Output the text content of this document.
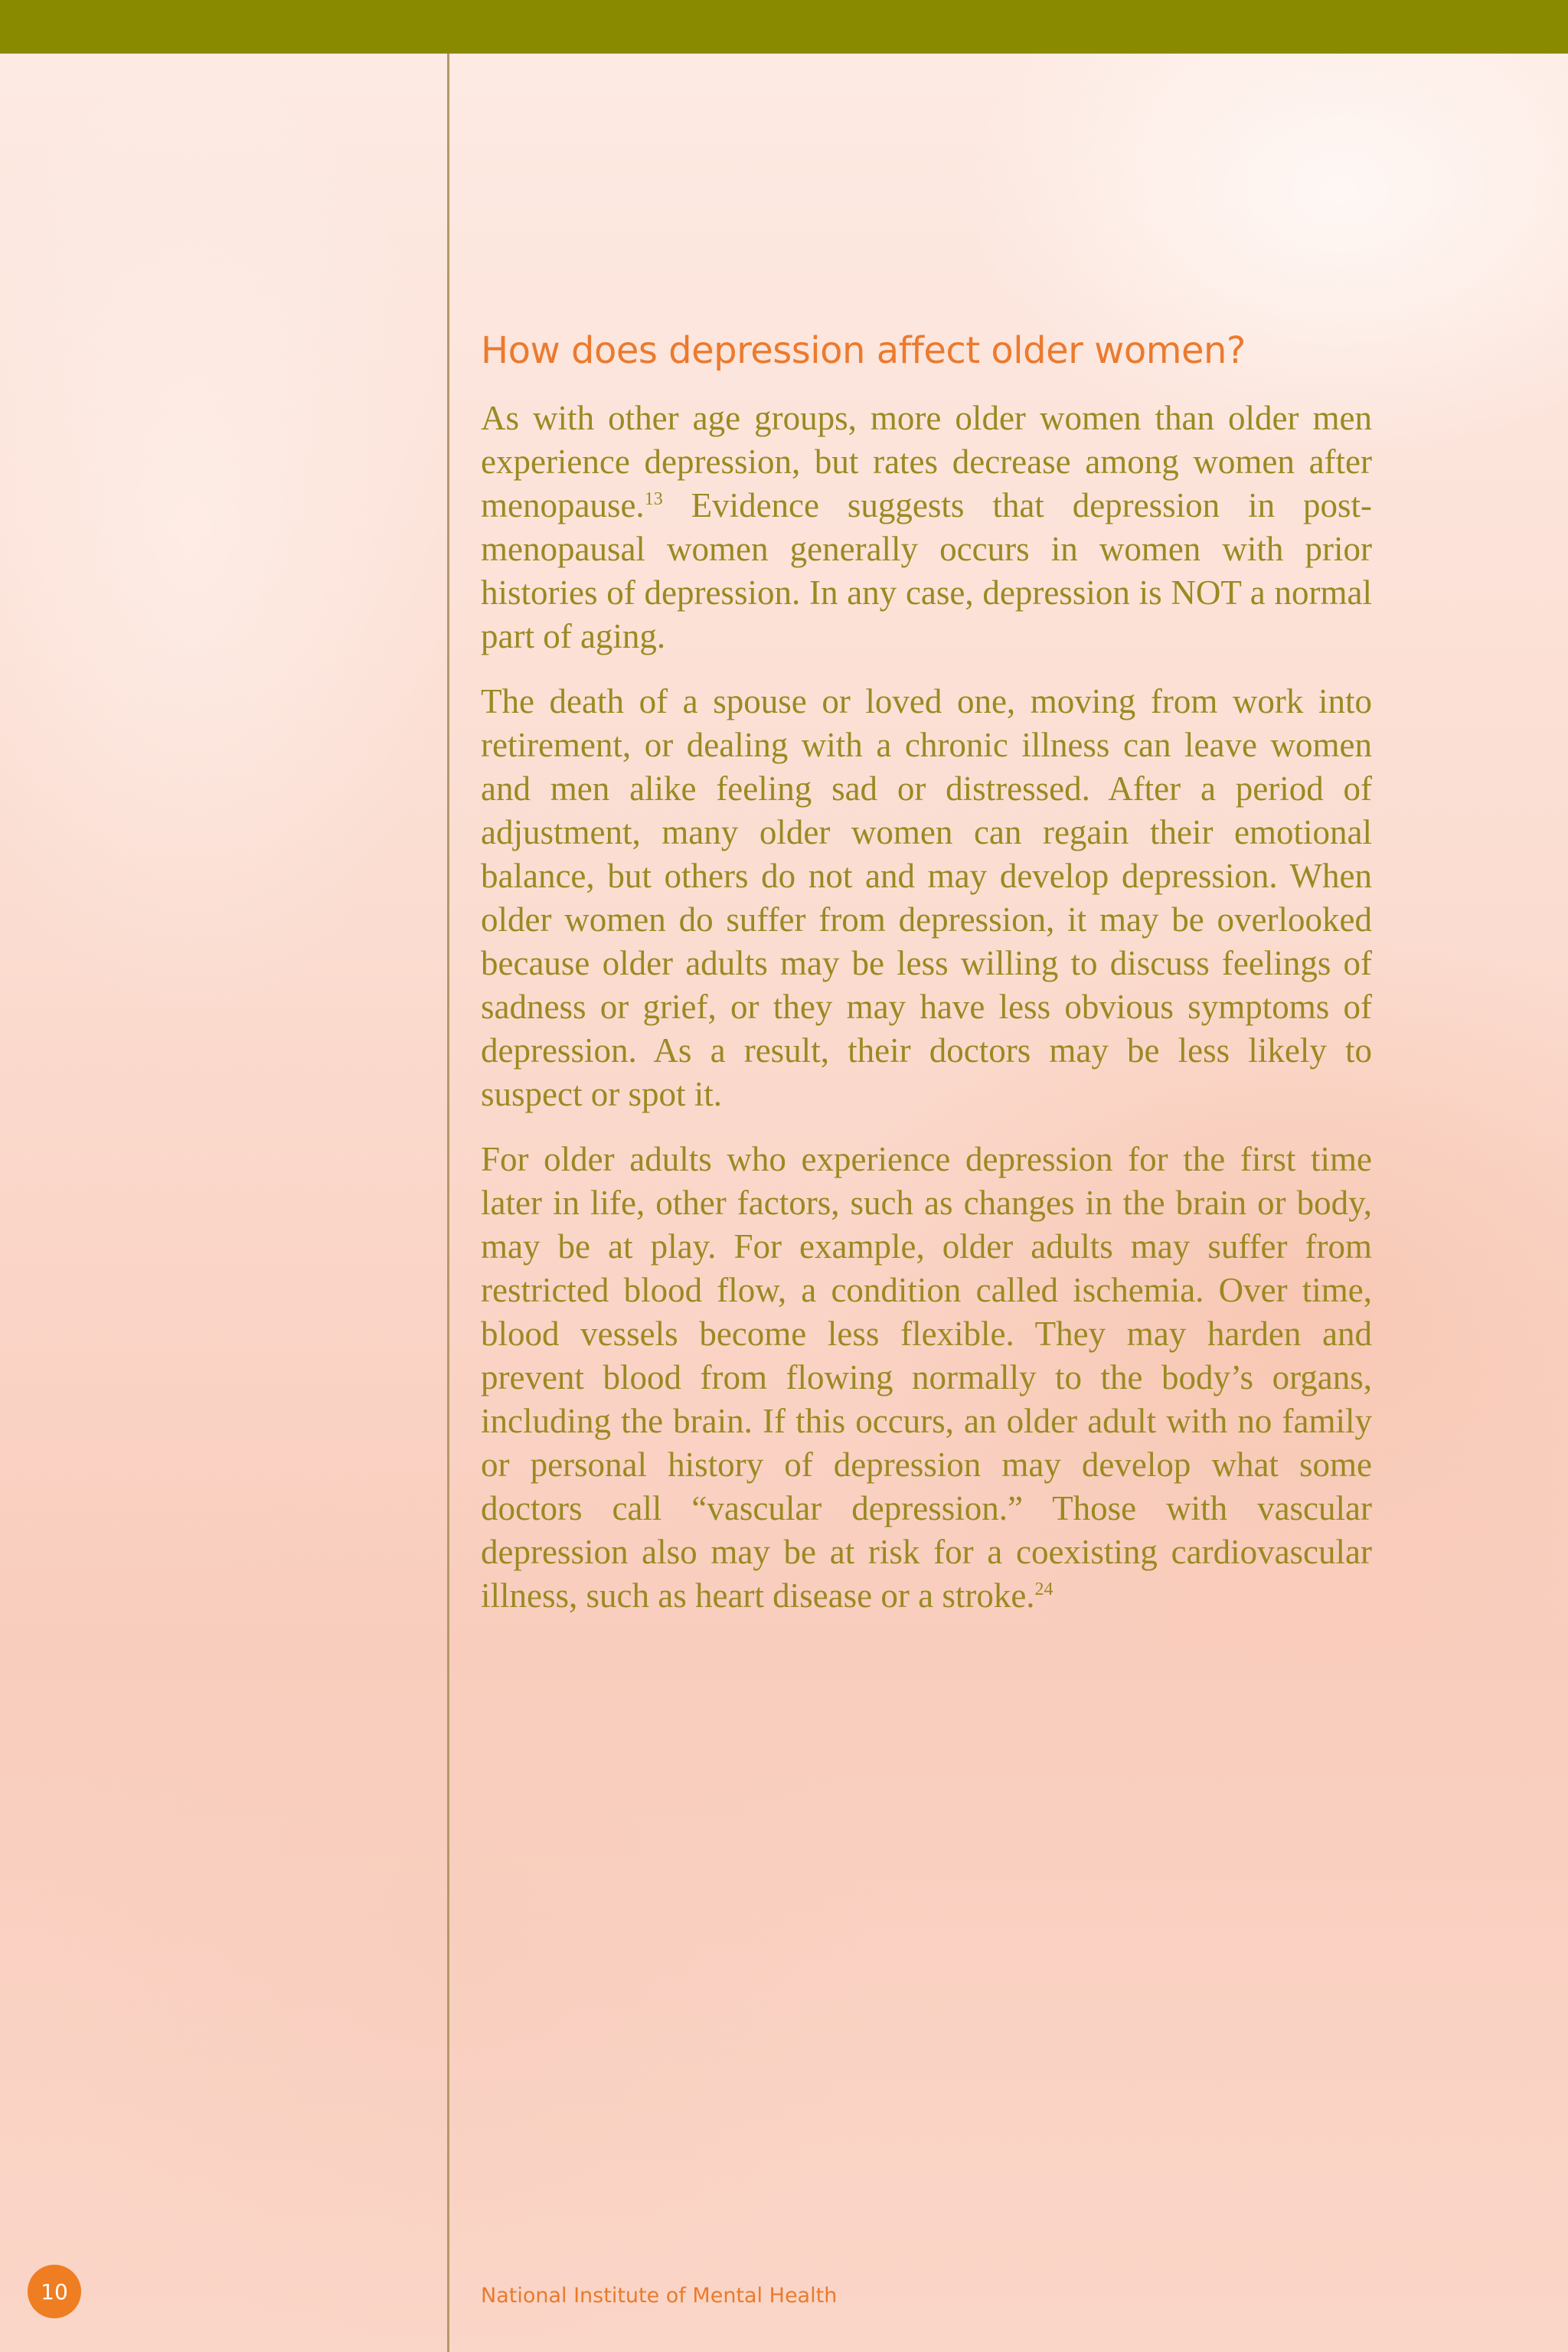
How does depression affect older women?

As with other age groups, more older women than older men experience depression, but rates decrease among women after menopause.$^{13}$ Evidence suggests that depression in post-menopausal women generally occurs in women with prior histories of depression. In any case, depression is NOT a normal part of aging.

The death of a spouse or loved one, moving from work into retirement, or dealing with a chronic illness can leave women and men alike feeling sad or distressed. After a period of adjustment, many older women can regain their emotional balance, but others do not and may develop depression. When older women do suffer from depression, it may be overlooked because older adults may be less willing to discuss feelings of sadness or grief, or they may have less obvious symptoms of depression. As a result, their doctors may be less likely to suspect or spot it.

For older adults who experience depression for the first time later in life, other factors, such as changes in the brain or body, may be at play. For example, older adults may suffer from restricted blood flow, a condition called ischemia. Over time, blood vessels become less flexible. They may harden and prevent blood from flowing normally to the body’s organs, including the brain. If this occurs, an older adult with no family or personal history of depression may develop what some doctors call “vascular depression.” Those with vascular depression also may be at risk for a coexisting cardiovascular illness, such as heart disease or a stroke.$^{24}$

10	National Institute of Mental Health
